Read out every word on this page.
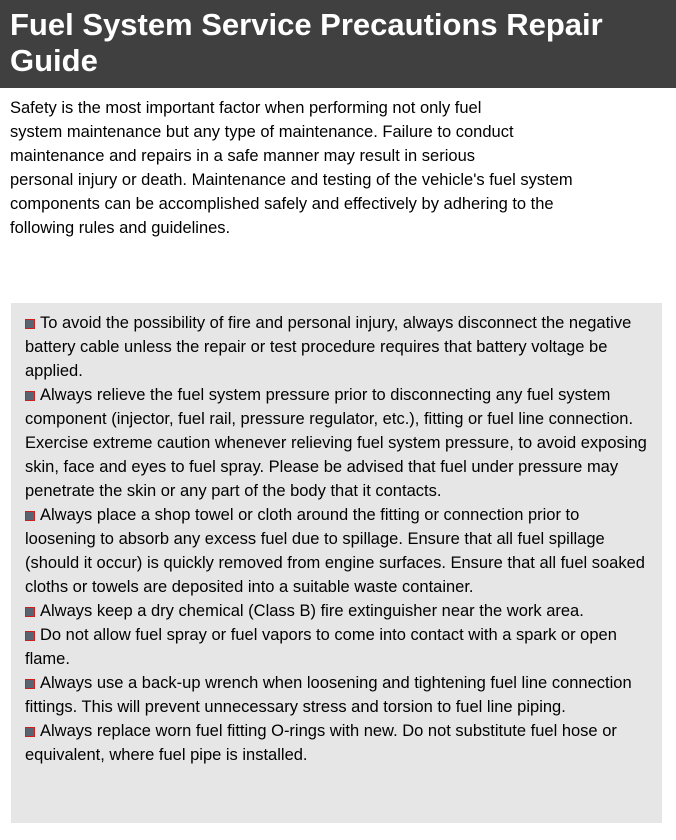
Fuel System Service Precautions Repair Guide

Safety is the most important factor when performing not only fuel
system maintenance but any type of maintenance. Failure to conduct
maintenance and repairs in a safe manner may result in serious
personal injury or death. Maintenance and testing of the vehicle's fuel system
components can be accomplished safely and effectively by adhering to the
following rules and guidelines.

To avoid the possibility of fire and personal injury, always disconnect the negative battery cable unless the repair or test procedure requires that battery voltage be applied.

Always relieve the fuel system pressure prior to disconnecting any fuel system component (injector, fuel rail, pressure regulator, etc.), fitting or fuel line connection. Exercise extreme caution whenever relieving fuel system pressure, to avoid exposing skin, face and eyes to fuel spray. Please be advised that fuel under pressure may penetrate the skin or any part of the body that it contacts.

Always place a shop towel or cloth around the fitting or connection prior to loosening to absorb any excess fuel due to spillage. Ensure that all fuel spillage (should it occur) is quickly removed from engine surfaces. Ensure that all fuel soaked cloths or towels are deposited into a suitable waste container.

Always keep a dry chemical (Class B) fire extinguisher near the work area.

Do not allow fuel spray or fuel vapors to come into contact with a spark or open flame.

Always use a back-up wrench when loosening and tightening fuel line connection fittings. This will prevent unnecessary stress and torsion to fuel line piping.

Always replace worn fuel fitting O-rings with new. Do not substitute fuel hose or equivalent, where fuel pipe is installed.
